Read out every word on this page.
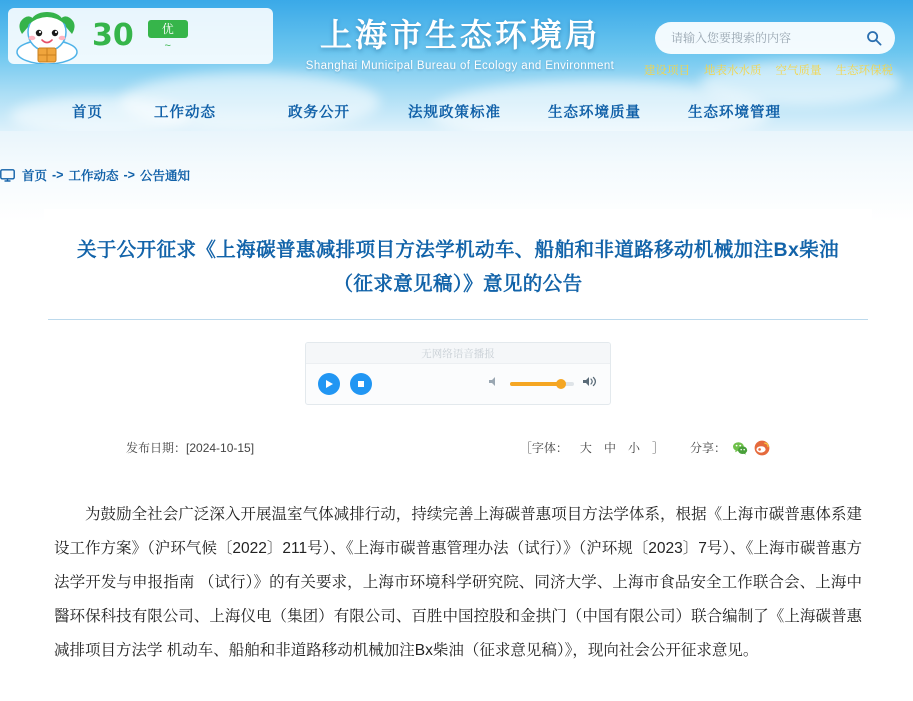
30	优
~	上海市生态环境局
Shanghai Municipal Bureau of Ecology and Environment
请输入您要搜索的内容	建设项目 地表水水质 空气质量 生态环保税
首页	工作动态	政务公开	法规政策标准	生态环境质量	生态环境管理
首页 -> 工作动态 -> 公告通知
关于公开征求《上海碳普惠减排项目方法学机动车、船舶和非道路移动机械加注Bx柴油（征求意见稿）》意见的公告
无网络语音播报
发布日期：[2024-10-15]	［字体： 大 中 小 ］ 分享：

为鼓励全社会广泛深入开展温室气体减排行动，持续完善上海碳普惠项目方法学体系，根据《上海市碳普惠体系建设工作方案》（沪环气候〔2022〕211号）、《上海市碳普惠管理办法（试行）》（沪环规〔2023〕7号）、《上海市碳普惠方法学开发与申报指南 （试行）》的有关要求，上海市环境科学研究院、同济大学、上海市食品安全工作联合会、上海中醫环保科技有限公司、上海仪电（集团）有限公司、百胜中国控股和金拱门（中国有限公司）联合编制了《上海碳普惠减排项目方法学 机动车、船舶和非道路移动机械加注Bx柴油（征求意见稿）》，现向社会公开征求意见。
